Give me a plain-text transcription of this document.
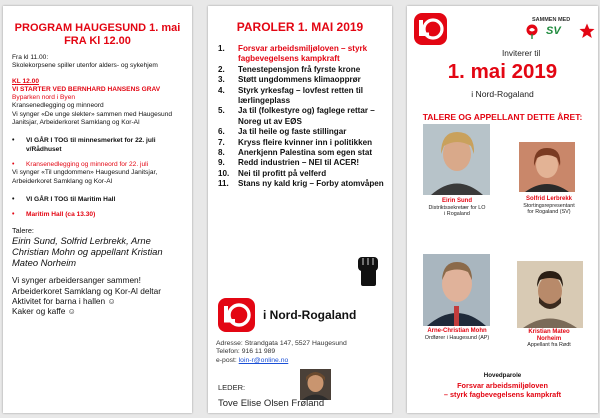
PROGRAM HAUGESUND 1. mai
FRA Kl 12.00
Fra kl 11.00:
Skolekorpsene spiller utenfor alders- og sykehjem
KL 12.00
VI STARTER VED BERNHARD HANSENS GRAV
Byparken nord i Byen
Kransenedlegging og minneord
Vi synger «De unge slekter» sammen med Haugesund Janitsjar, Arbeiderkoret Samklang og Kor-Al
•	VI GÅR I TOG til minnesmerket for 22. juli v/Rådhuset
•	Kransenedlegging og minneord for 22. juli
Vi synger «Til ungdommen» Haugesund Janitsjar, Arbeiderkoret Samklang og Kor-Al
•	VI GÅR I TOG til Maritim Hall
•	Maritim Hall (ca 13.30)
Talere:
Eirin Sund, Solfrid Lerbrekk, Arne Christian Mohn og appellant Kristian Mateo Norheim
Vi synger arbeidersanger sammen!
Arbeiderkoret Samklang og Kor-Al deltar
Aktivitet for barna i hallen ☺
Kaker og kaffe ☺
PAROLER 1. MAI 2019
1.	Forsvar arbeidsmiljøloven – styrk fagbevegelsens kampkraft
2.	Tenestepensjon frå fyrste krone
3.	Støtt ungdommens klimaopprør
4.	Styrk yrkesfag – lovfest retten til lærlingeplass
5.	Ja til (folkestyre og) faglege rettar – Noreg ut av EØS
6.	Ja til heile og faste stillingar
7.	Kryss fleire kvinner inn i politikken
8.	Anerkjenn Palestina som egen stat
9.	Redd industrien – NEI til ACER!
10.	Nei til profitt på velferd
11.	Stans ny kald krig – Forby atomvåpen
i Nord-Rogaland
Adresse: Strandgata 147, 5527 Haugesund
Telefon: 916 11 989
e-post: loin-r@online.no
LEDER:
Tove Elise Olsen Frøland
SAMMEN MED
SV
Inviterer til
1. mai 2019
i Nord-Rogaland
TALERE OG APPELLANT DETTE ÅRET:
Eirin Sund
Distriktssekretær for LO
i Rogaland
Solfrid Lerbrekk
Stortingsrepresentant
for Rogaland (SV)
Arne-Christian Mohn
Ordfører i Haugesund (AP)
Kristian Mateo
Norheim
Appellant fra Rødt
Hovedparole
Forsvar arbeidsmiljøloven
– styrk fagbevegelsens kampkraft
